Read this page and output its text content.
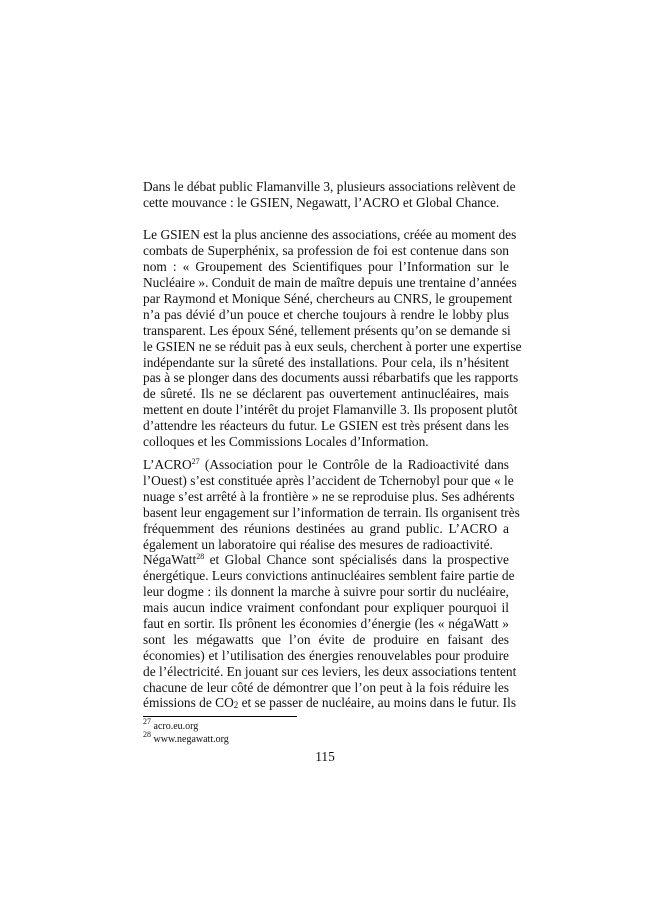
Dans le débat public Flamanville 3, plusieurs associations relèvent de
cette mouvance : le GSIEN, Negawatt, l’ACRO et Global Chance.
Le GSIEN est la plus ancienne des associations, créée au moment des
combats de Superphénix, sa profession de foi est contenue dans son
nom : « Groupement des Scientifiques pour l’Information sur le
Nucléaire ». Conduit de main de maître depuis une trentaine d’années
par Raymond et Monique Séné, chercheurs au CNRS, le groupement
n’a pas dévié d’un pouce et cherche toujours à rendre le lobby plus
transparent. Les époux Séné, tellement présents qu’on se demande si
le GSIEN ne se réduit pas à eux seuls, cherchent à porter une expertise
indépendante sur la sûreté des installations. Pour cela, ils n’hésitent
pas à se plonger dans des documents aussi rébarbatifs que les rapports
de sûreté. Ils ne se déclarent pas ouvertement antinucléaires, mais
mettent en doute l’intérêt du projet Flamanville 3. Ils proposent plutôt
d’attendre les réacteurs du futur. Le GSIEN est très présent dans les
colloques et les Commissions Locales d’Information.
L’ACRO$^{27}$ (Association pour le Contrôle de la Radioactivité dans
l’Ouest) s’est constituée après l’accident de Tchernobyl pour que « le
nuage s’est arrêté à la frontière » ne se reproduise plus. Ses adhérents
basent leur engagement sur l’information de terrain. Ils organisent très
fréquemment des réunions destinées au grand public. L’ACRO a
également un laboratoire qui réalise des mesures de radioactivité.
NégaWatt$^{28}$ et Global Chance sont spécialisés dans la prospective
énergétique. Leurs convictions antinucléaires semblent faire partie de
leur dogme : ils donnent la marche à suivre pour sortir du nucléaire,
mais aucun indice vraiment confondant pour expliquer pourquoi il
faut en sortir. Ils prônent les économies d’énergie (les « négaWatt »
sont les mégawatts que l’on évite de produire en faisant des
économies) et l’utilisation des énergies renouvelables pour produire
de l’électricité. En jouant sur ces leviers, les deux associations tentent
chacune de leur côté de démontrer que l’on peut à la fois réduire les
émissions de $CO_2$ et se passer de nucléaire, au moins dans le futur. Ils
$^{27}$ acro.eu.org
$^{28}$ www.negawatt.org
115
